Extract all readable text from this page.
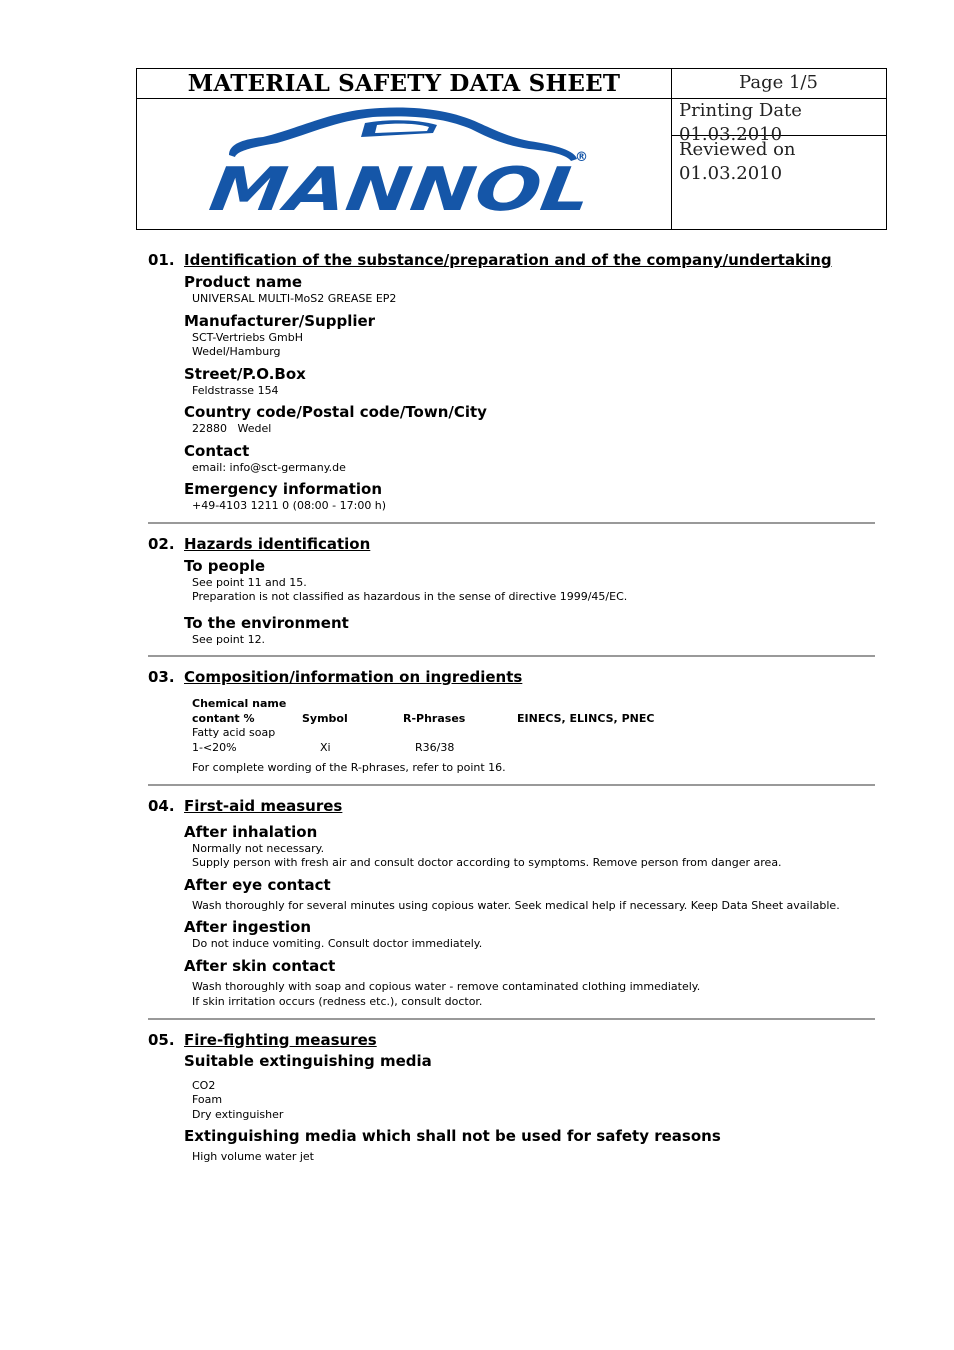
MATERIAL SAFETY DATA SHEET
MANNOL	®
Page 1/5
Printing Date 01.03.2010
Reviewed on 01.03.2010
01. Identification of the substance/preparation and of the company/undertaking
Product name
UNIVERSAL MULTI-MoS2 GREASE EP2
Manufacturer/Supplier
SCT-Vertriebs GmbH
Wedel/Hamburg
Street/P.O.Box
Feldstrasse 154
Country code/Postal code/Town/City
22880   Wedel
Contact
email: info@sct-germany.de
Emergency information
+49-4103 1211 0 (08:00 - 17:00 h)
02. Hazards identification
To people
See point 11 and 15.
Preparation is not classified as hazardous in the sense of directive 1999/45/EC.
To the environment
See point 12.
03. Composition/information on ingredients
Chemical name
contant %	Symbol	R-Phrases	EINECS, ELINCS, PNEC
Fatty acid soap
1-<20%	Xi	R36/38
For complete wording of the R-phrases, refer to point 16.
04. First-aid measures
After inhalation
Normally not necessary.
Supply person with fresh air and consult doctor according to symptoms. Remove person from danger area.
After eye contact
Wash thoroughly for several minutes using copious water. Seek medical help if necessary. Keep Data Sheet available.
After ingestion
Do not induce vomiting. Consult doctor immediately.
After skin contact
Wash thoroughly with soap and copious water - remove contaminated clothing immediately.
If skin irritation occurs (redness etc.), consult doctor.
05. Fire-fighting measures
Suitable extinguishing media
CO2
Foam
Dry extinguisher
Extinguishing media which shall not be used for safety reasons
High volume water jet
